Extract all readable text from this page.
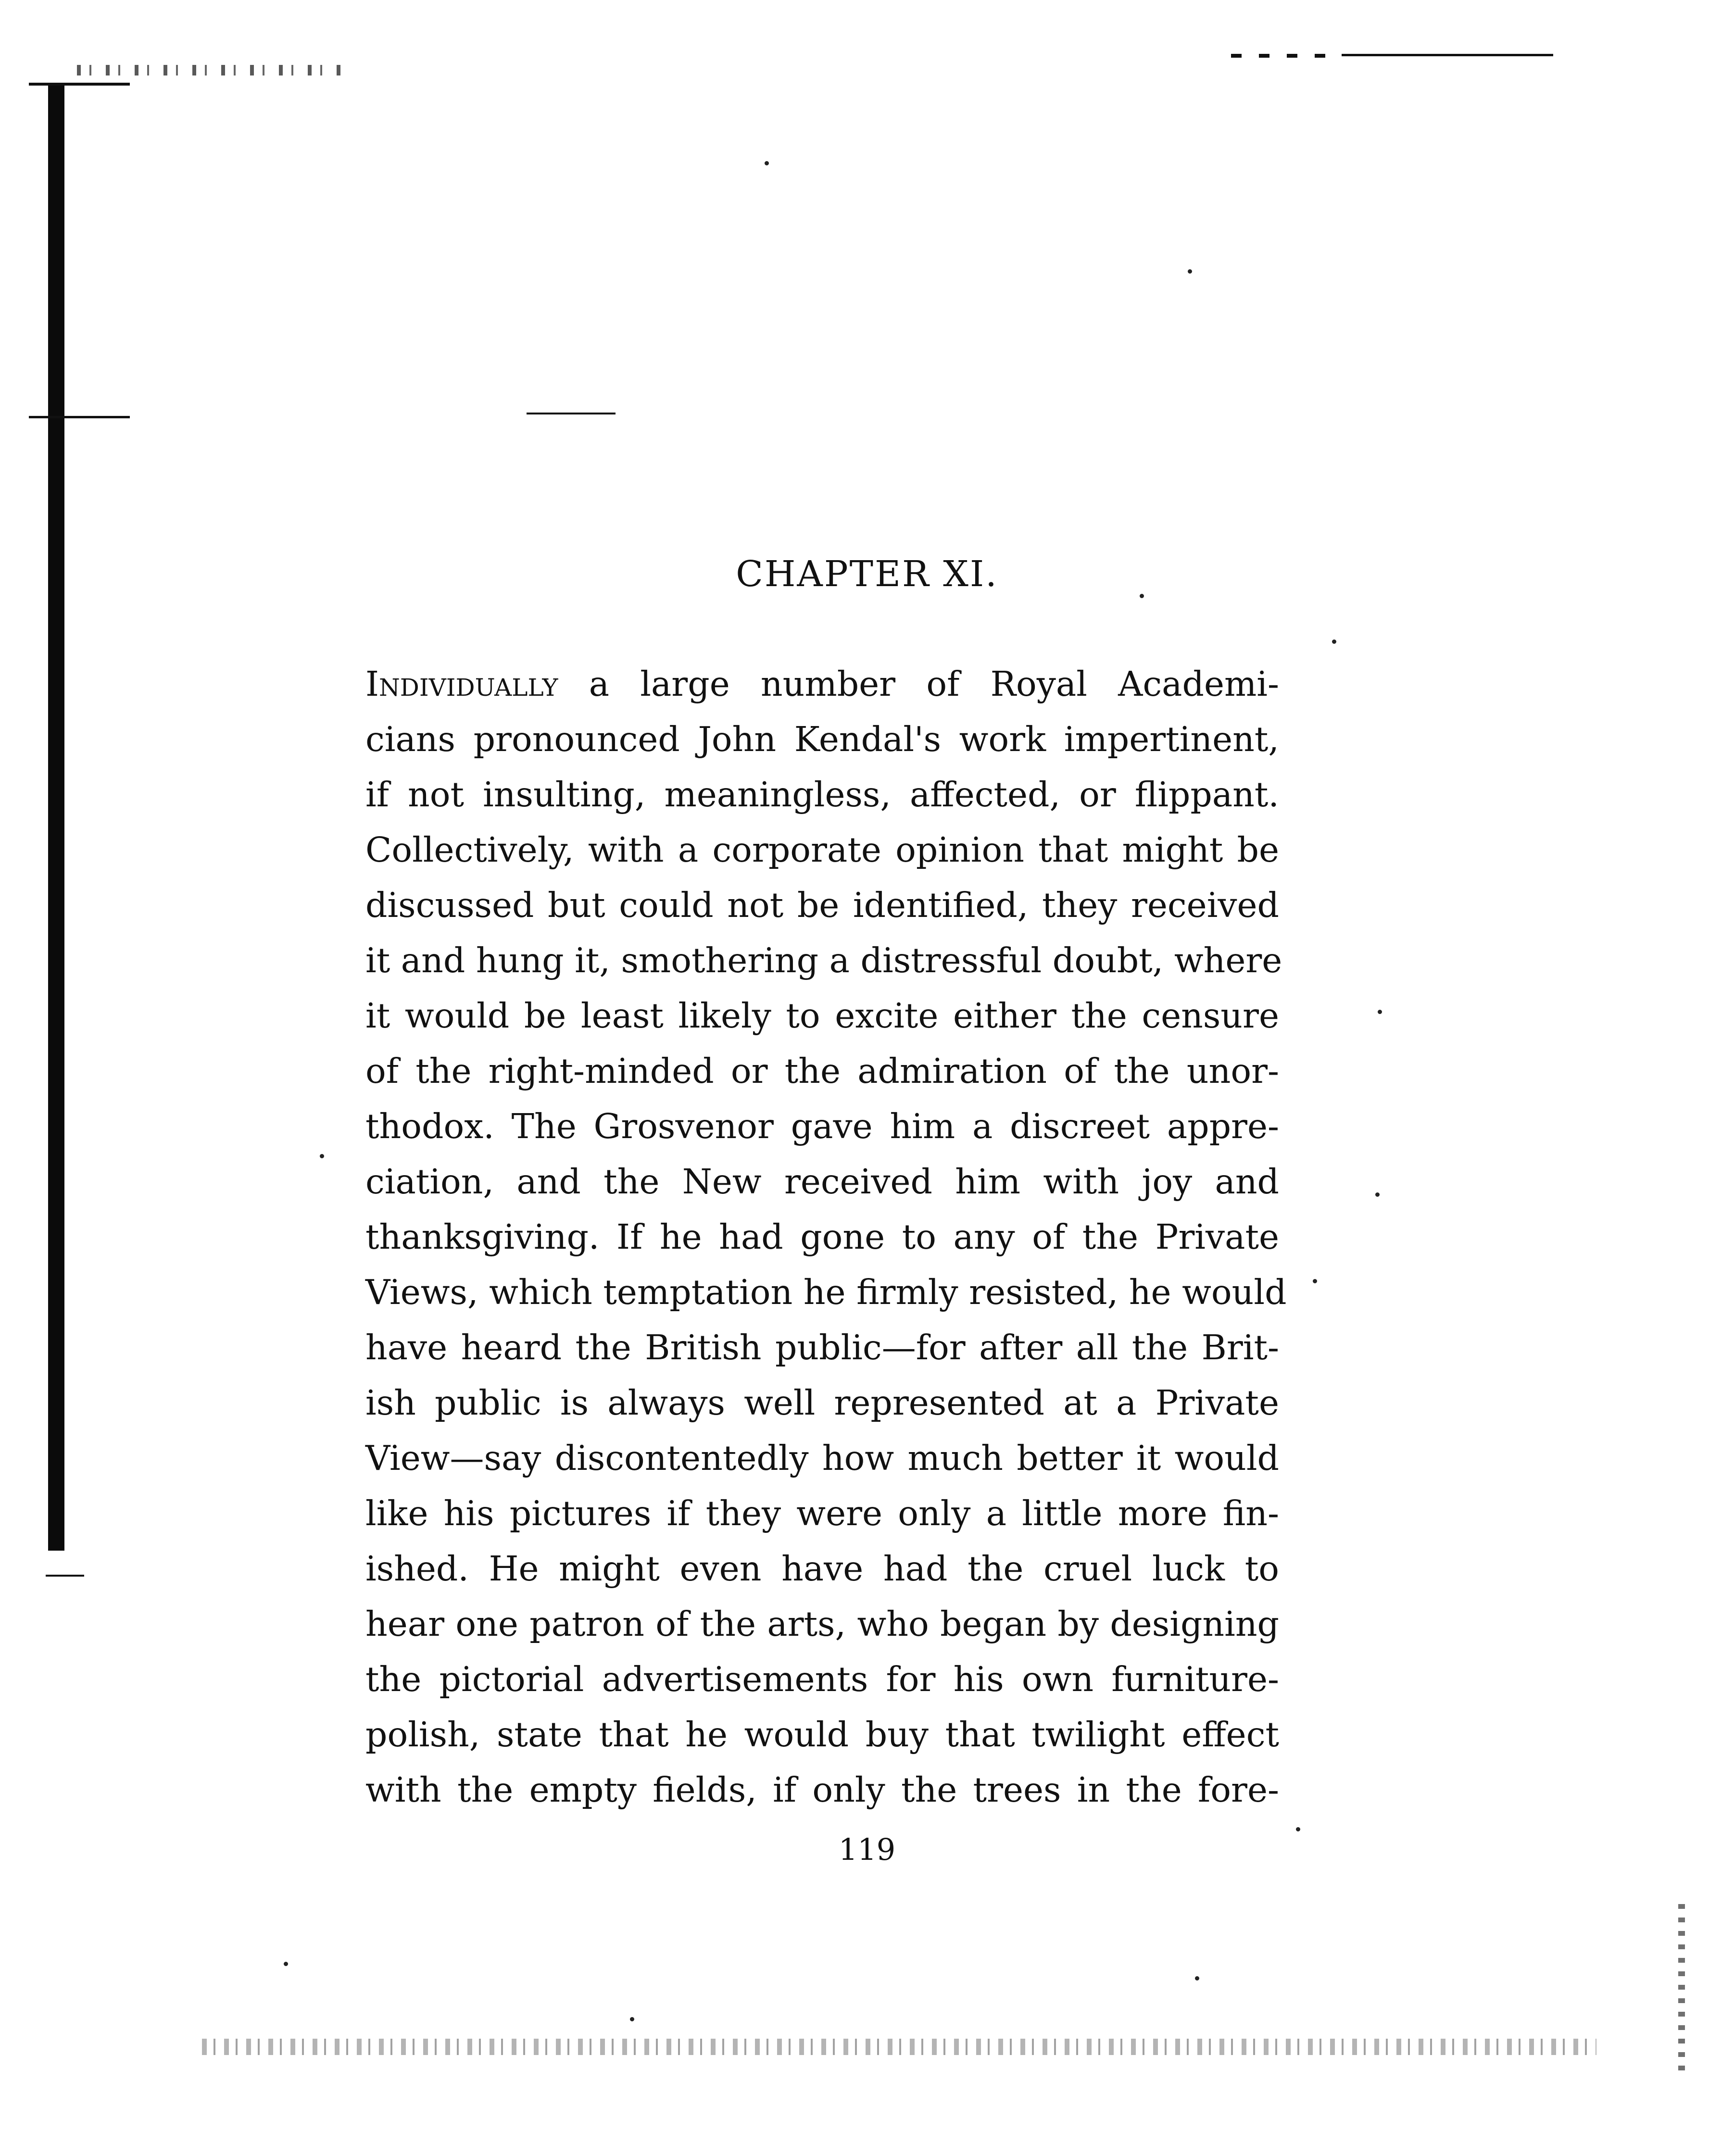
CHAPTER XI.
Individually a large number of Royal Academi-
cians pronounced John Kendal's work impertinent,
if not insulting, meaningless, affected, or flippant.
Collectively, with a corporate opinion that might be
discussed but could not be identified, they received
it and hung it, smothering a distressful doubt, where
it would be least likely to excite either the censure
of the right-minded or the admiration of the unor-
thodox. The Grosvenor gave him a discreet appre-
ciation, and the New received him with joy and
thanksgiving. If he had gone to any of the Private
Views, which temptation he firmly resisted, he would
have heard the British public—for after all the Brit-
ish public is always well represented at a Private
View—say discontentedly how much better it would
like his pictures if they were only a little more fin-
ished. He might even have had the cruel luck to
hear one patron of the arts, who began by designing
the pictorial advertisements for his own furniture-
polish, state that he would buy that twilight effect
with the empty fields, if only the trees in the fore-
119
